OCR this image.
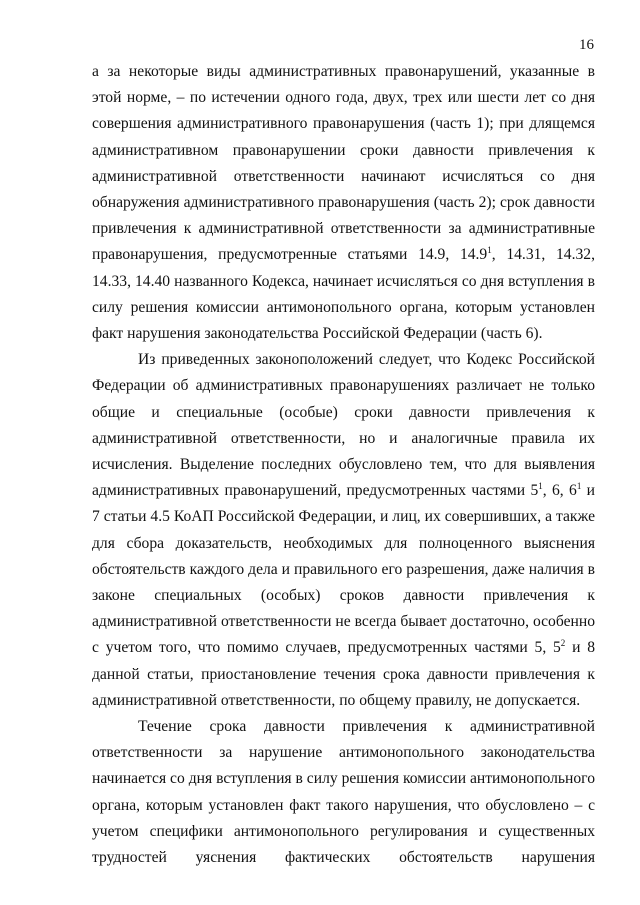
16

а за некоторые виды административных правонарушений, указанные в этой норме, – по истечении одного года, двух, трех или шести лет со дня совершения административного правонарушения (часть 1); при длящемся административном правонарушении сроки давности привлечения к административной ответственности начинают исчисляться со дня обнаружения административного правонарушения (часть 2); срок давности привлечения к административной ответственности за административные правонарушения, предусмотренные статьями 14.9, 14.9$^1$, 14.31, 14.32, 14.33, 14.40 названного Кодекса, начинает исчисляться со дня вступления в силу решения комиссии антимонопольного органа, которым установлен факт нарушения законодательства Российской Федерации (часть 6).

Из приведенных законоположений следует, что Кодекс Российской Федерации об административных правонарушениях различает не только общие и специальные (особые) сроки давности привлечения к административной ответственности, но и аналогичные правила их исчисления. Выделение последних обусловлено тем, что для выявления административных правонарушений, предусмотренных частями $5^1$, 6, $6^1$ и 7 статьи 4.5 КоАП Российской Федерации, и лиц, их совершивших, а также для сбора доказательств, необходимых для полноценного выяснения обстоятельств каждого дела и правильного его разрешения, даже наличия в законе специальных (особых) сроков давности привлечения к административной ответственности не всегда бывает достаточно, особенно с учетом того, что помимо случаев, предусмотренных частями 5, $5^2$ и 8 данной статьи, приостановление течения срока давности привлечения к административной ответственности, по общему правилу, не допускается.

Течение срока давности привлечения к административной ответственности за нарушение антимонопольного законодательства начинается со дня вступления в силу решения комиссии антимонопольного органа, которым установлен факт такого нарушения, что обусловлено – с учетом специфики антимонопольного регулирования и существенных трудностей уяснения фактических обстоятельств нарушения
